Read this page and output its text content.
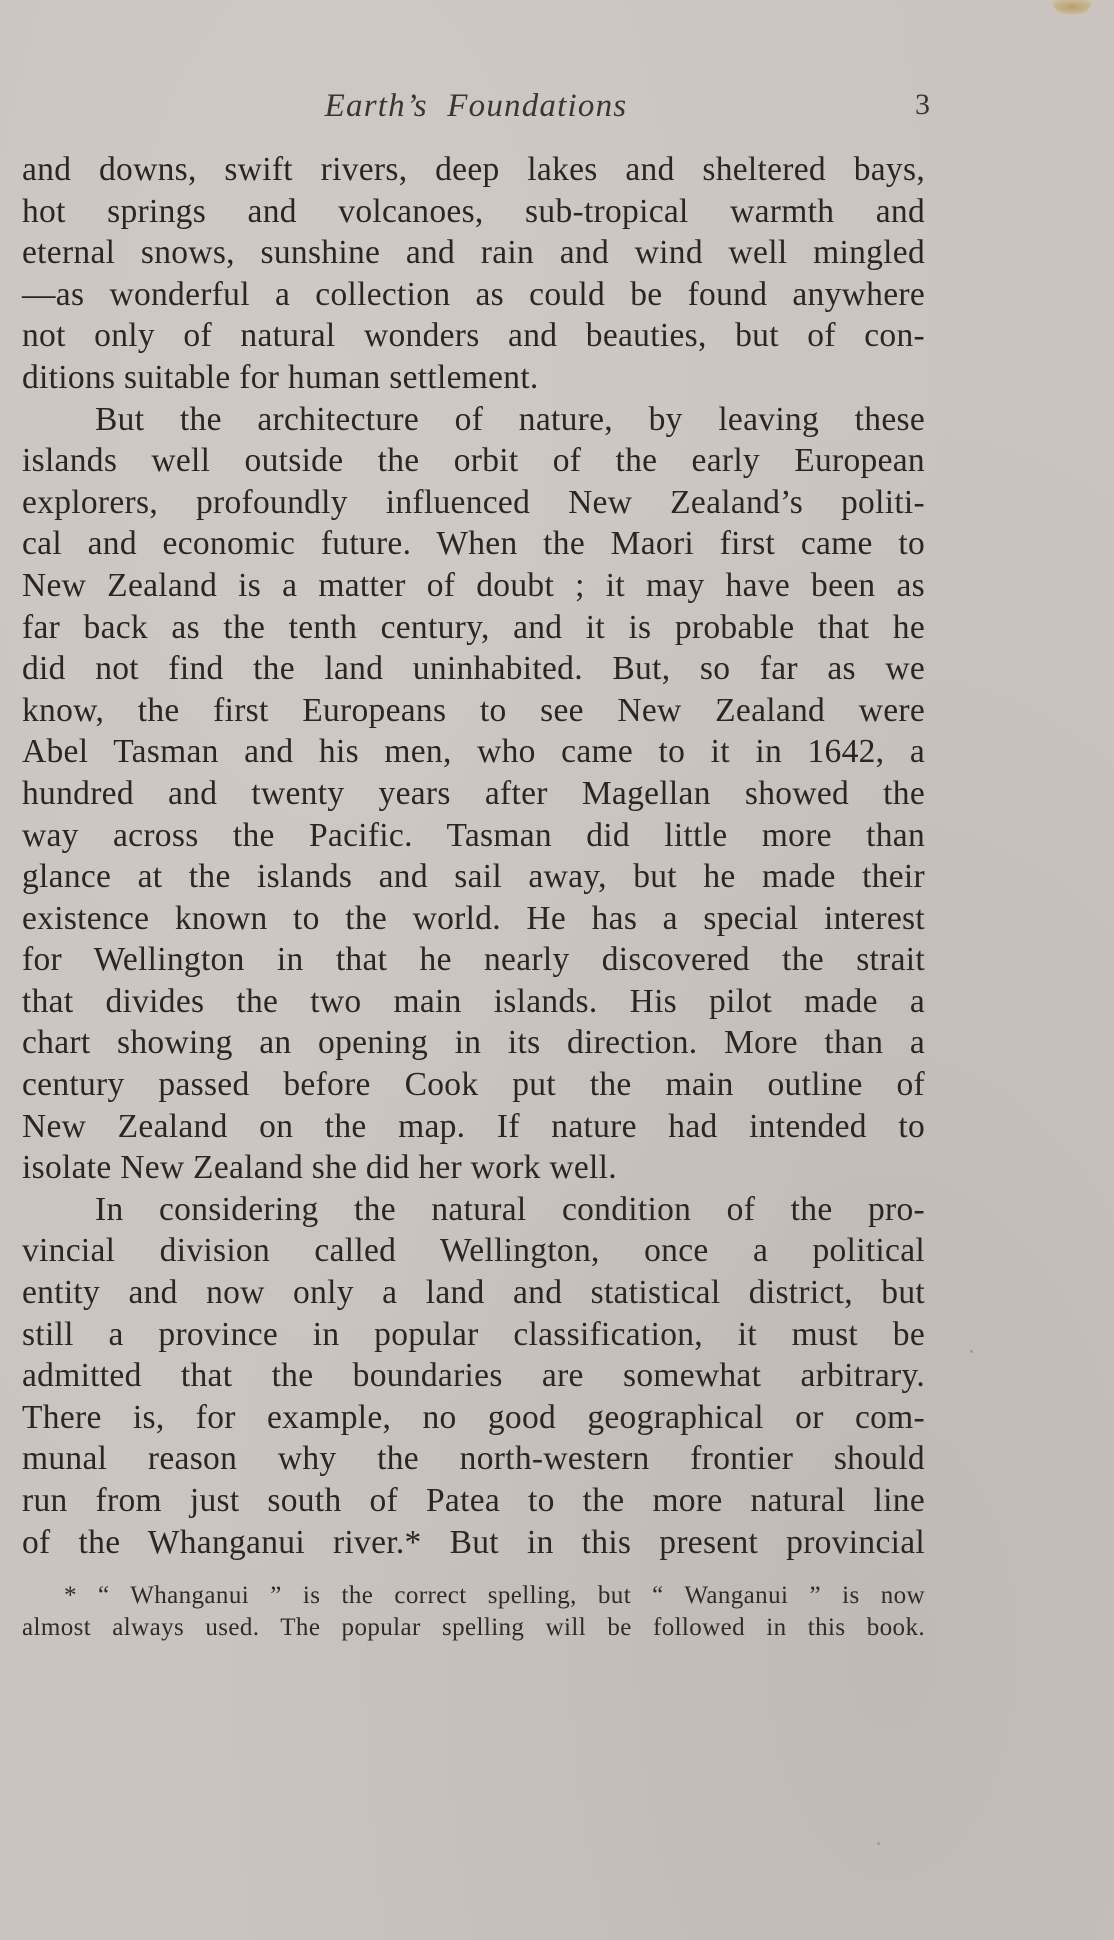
Earth’s Foundations	3
and downs, swift rivers, deep lakes and sheltered bays,
hot springs and volcanoes, sub-tropical warmth and
eternal snows, sunshine and rain and wind well mingled
—as wonderful a collection as could be found anywhere
not only of natural wonders and beauties, but of con-
ditions suitable for human settlement.
But the architecture of nature, by leaving these
islands well outside the orbit of the early European
explorers, profoundly influenced New Zealand’s politi-
cal and economic future. When the Maori first came to
New Zealand is a matter of doubt ; it may have been as
far back as the tenth century, and it is probable that he
did not find the land uninhabited. But, so far as we
know, the first Europeans to see New Zealand were
Abel Tasman and his men, who came to it in 1642, a
hundred and twenty years after Magellan showed the
way across the Pacific. Tasman did little more than
glance at the islands and sail away, but he made their
existence known to the world. He has a special interest
for Wellington in that he nearly discovered the strait
that divides the two main islands. His pilot made a
chart showing an opening in its direction. More than a
century passed before Cook put the main outline of
New Zealand on the map. If nature had intended to
isolate New Zealand she did her work well.
In considering the natural condition of the pro-
vincial division called Wellington, once a political
entity and now only a land and statistical district, but
still a province in popular classification, it must be
admitted that the boundaries are somewhat arbitrary.
There is, for example, no good geographical or com-
munal reason why the north-western frontier should
run from just south of Patea to the more natural line
of the Whanganui river.* But in this present provincial
* “ Whanganui ” is the correct spelling, but “ Wanganui ” is now
almost always used. The popular spelling will be followed in this book.
